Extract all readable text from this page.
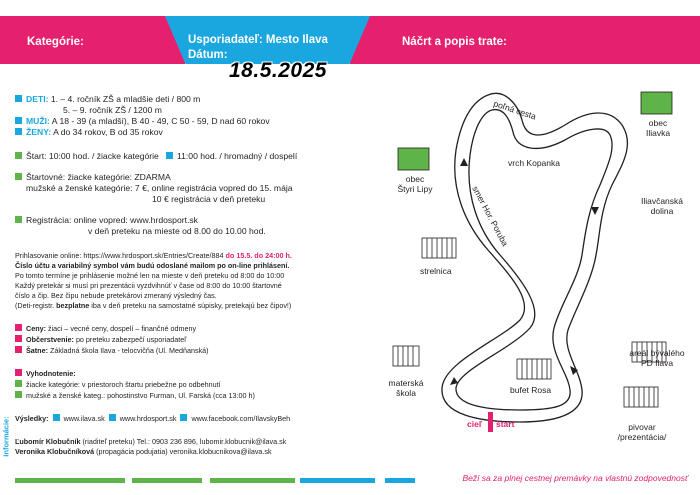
Kategórie:	Usporiadateľ: Mesto Ilava
Dátum:
Náčrt a popis trate:
18.5.2025
DETI: 1. – 4. ročník ZŠ a mladšie deti / 800 m
5. – 9. ročník ZŠ / 1200 m
MUŽI: A 18 - 39 (a mladší), B 40 - 49, C 50 - 59, D nad 60 rokov
ŽENY: A do 34 rokov, B od 35 rokov
Štart: 10:00 hod. / žiacke kategórie 11:00 hod. / hromadný / dospelí
Štartovné: žiacke kategórie: ZDARMA
mužské a ženské kategórie: 7 €, online registrácia vopred do 15. mája
10 € registrácia v deň preteku
Registrácia: online vopred: www.hrdosport.sk
v deň preteku na mieste od 8.00 do 10.00 hod.
Prihlasovanie online: https://www.hrdosport.sk/Entries/Create/884 do 15.5. do 24:00 h.
Číslo účtu a variabilný symbol vám budú odoslané mailom po on-line prihlásení.
Po tomto termíne je prihlásenie možné len na mieste v deň preteku od 8:00 do 10:00
Každý pretekár si musí pri prezentácii vyzdvihnúť v čase od 8:00 do 10:00 štartovné
číslo a čip. Bez čipu nebude pretekárovi zmeraný výsledný čas.
(Deti-registr. bezplatne iba v deň preteku na samostatné súpisky, pretekajú bez čipov!)
Ceny: žiaci – vecné ceny, dospelí – finančné odmeny
Občerstvenie: po preteku zabezpečí usporiadateľ
Šatne: Základná škola Ilava - telocvičňa (Ul. Medňanská)
Vyhodnotenie:
žiacke kategórie: v priestoroch štartu priebežne po odbehnutí
mužské a ženské kateg.: pohostinstvo Furman, Ul. Farská (cca 13:00 h)
Výsledky: www.ilava.sk www.hrdosport.sk www.facebook.com/IlavskyBeh
Ľubomír Klobučník (riaditeľ preteku) Tel.: 0903 236 896, lubomir.klobucnik@ilava.sk
Veronika Klobučníková (propagácia podujatia) veronika.klobucnikova@ilava.sk
Informácie:
poľná cesta
smer Hor. Poruba
vrch Kopanka
obec
Iliavka
obec
Štyri Lipy
Iliavčanská
dolina
strelnica
areál bývalého
PD Ilava
materská
škola	bufet Rosa
cieľ štart	pivovar
/prezentácia/
Beží sa za plnej cestnej premávky na vlastnú zodpovednosť
